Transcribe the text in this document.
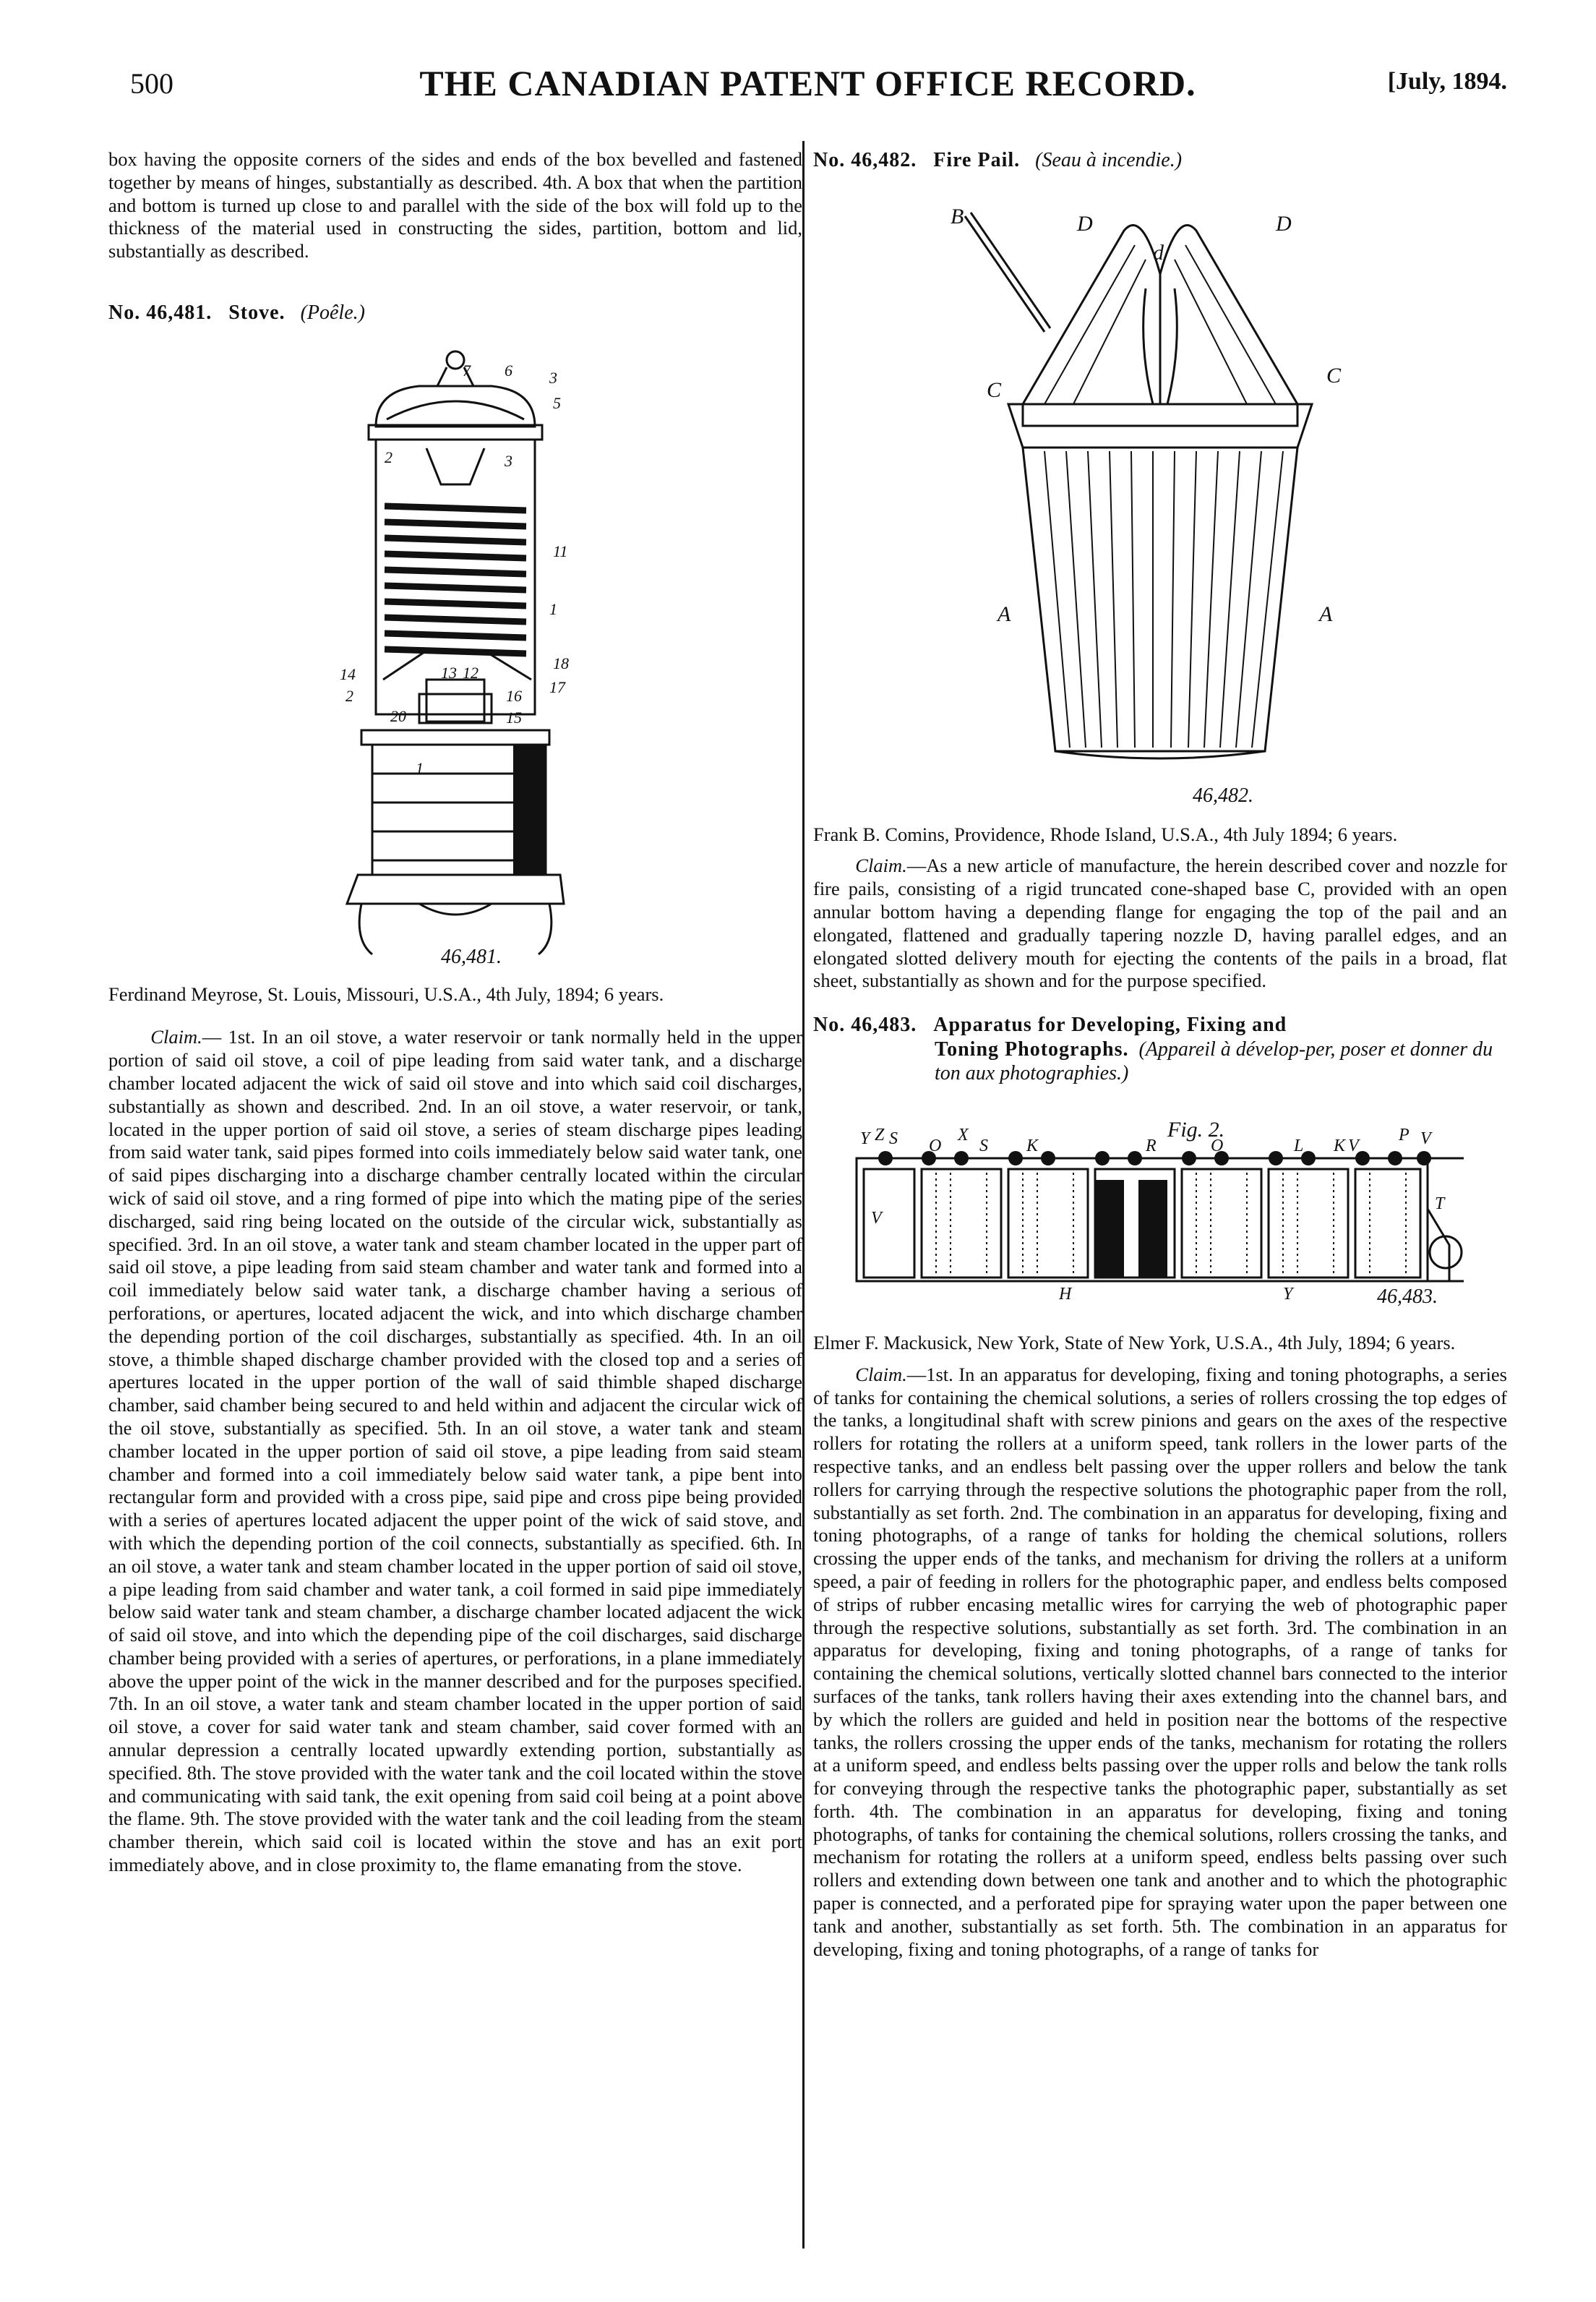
500	THE CANADIAN PATENT OFFICE RECORD.	[July, 1894.

box having the opposite corners of the sides and ends of the box bevelled and fastened together by means of hinges, substantially as described. 4th. A box that when the partition and bottom is turned up close to and parallel with the side of the box will fold up to the thickness of the material used in constructing the sides, partition, bottom and lid, substantially as described.

No. 46,481. Stove. (Poêle.)
7 6 3
5
2	3
11
1
18
14
2	17
13 12
20
16
15
1
46,481.

Ferdinand Meyrose, St. Louis, Missouri, U.S.A., 4th July, 1894; 6 years.

Claim.— 1st. In an oil stove, a water reservoir or tank normally held in the upper portion of said oil stove, a coil of pipe leading from said water tank, and a discharge chamber located adjacent the wick of said oil stove and into which said coil discharges, substantially as shown and described. 2nd. In an oil stove, a water reservoir, or tank, located in the upper portion of said oil stove, a series of steam discharge pipes leading from said water tank, said pipes formed into coils immediately below said water tank, one of said pipes discharging into a discharge chamber centrally located within the circular wick of said oil stove, and a ring formed of pipe into which the mating pipe of the series discharged, said ring being located on the outside of the circular wick, substantially as specified. 3rd. In an oil stove, a water tank and steam chamber located in the upper part of said oil stove, a pipe leading from said steam chamber and water tank and formed into a coil immediately below said water tank, a discharge chamber having a serious of perforations, or apertures, located adjacent the wick, and into which discharge chamber the depending portion of the coil discharges, substantially as specified. 4th. In an oil stove, a thimble shaped discharge chamber provided with the closed top and a series of apertures located in the upper portion of the wall of said thimble shaped discharge chamber, said chamber being secured to and held within and adjacent the circular wick of the oil stove, substantially as specified. 5th. In an oil stove, a water tank and steam chamber located in the upper portion of said oil stove, a pipe leading from said steam chamber and formed into a coil immediately below said water tank, a pipe bent into rectangular form and provided with a cross pipe, said pipe and cross pipe being provided with a series of apertures located adjacent the upper point of the wick of said stove, and with which the depending portion of the coil connects, substantially as specified. 6th. In an oil stove, a water tank and steam chamber located in the upper portion of said oil stove, a pipe leading from said chamber and water tank, a coil formed in said pipe immediately below said water tank and steam chamber, a discharge chamber located adjacent the wick of said oil stove, and into which the depending pipe of the coil discharges, said discharge chamber being provided with a series of apertures, or perforations, in a plane immediately above the upper point of the wick in the manner described and for the purposes specified. 7th. In an oil stove, a water tank and steam chamber located in the upper portion of said oil stove, a cover for said water tank and steam chamber, said cover formed with an annular depression a centrally located upwardly extending portion, substantially as specified. 8th. The stove provided with the water tank and the coil located within the stove and communicating with said tank, the exit opening from said coil being at a point above the flame. 9th. The stove provided with the water tank and the coil leading from the steam chamber therein, which said coil is located within the stove and has an exit port immediately above, and in close proximity to, the flame emanating from the stove.

No. 46,482. Fire Pail. (Seau à incendie.)
B	D
d
D
C
C
A	A
46,482.

Frank B. Comins, Providence, Rhode Island, U.S.A., 4th July 1894; 6 years.

Claim.—As a new article of manufacture, the herein described cover and nozzle for fire pails, consisting of a rigid truncated cone-shaped base C, provided with an open annular bottom having a depending flange for engaging the top of the pail and an elongated, flattened and gradually tapering nozzle D, having parallel edges, and an elongated slotted delivery mouth for ejecting the contents of the pails in a broad, flat sheet, substantially as shown and for the purpose specified.

No. 46,483. Apparatus for Developing, Fixing and
Toning Photographs. (Appareil à dévelop-per, poser et donner du ton aux photographies.)
Y Z S O
X
S K	R	O	L K V
P V
V
T
H	Y
Fig. 2.
46,483.

Elmer F. Mackusick, New York, State of New York, U.S.A., 4th July, 1894; 6 years.

Claim.—1st. In an apparatus for developing, fixing and toning photographs, a series of tanks for containing the chemical solutions, a series of rollers crossing the top edges of the tanks, a longitudinal shaft with screw pinions and gears on the axes of the respective rollers for rotating the rollers at a uniform speed, tank rollers in the lower parts of the respective tanks, and an endless belt passing over the upper rollers and below the tank rollers for carrying through the respective solutions the photographic paper from the roll, substantially as set forth. 2nd. The combination in an apparatus for developing, fixing and toning photographs, of a range of tanks for holding the chemical solutions, rollers crossing the upper ends of the tanks, and mechanism for driving the rollers at a uniform speed, a pair of feeding in rollers for the photographic paper, and endless belts composed of strips of rubber encasing metallic wires for carrying the web of photographic paper through the respective solutions, substantially as set forth. 3rd. The combination in an apparatus for developing, fixing and toning photographs, of a range of tanks for containing the chemical solutions, vertically slotted channel bars connected to the interior surfaces of the tanks, tank rollers having their axes extending into the channel bars, and by which the rollers are guided and held in position near the bottoms of the respective tanks, the rollers crossing the upper ends of the tanks, mechanism for rotating the rollers at a uniform speed, and endless belts passing over the upper rolls and below the tank rolls for conveying through the respective tanks the photographic paper, substantially as set forth. 4th. The combination in an apparatus for developing, fixing and toning photographs, of tanks for containing the chemical solutions, rollers crossing the tanks, and mechanism for rotating the rollers at a uniform speed, endless belts passing over such rollers and extending down between one tank and another and to which the photographic paper is connected, and a perforated pipe for spraying water upon the paper between one tank and another, substantially as set forth. 5th. The combination in an apparatus for developing, fixing and toning photographs, of a range of tanks for
